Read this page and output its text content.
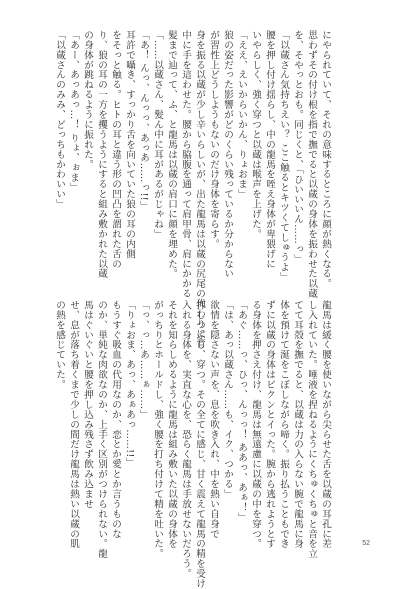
にやられていて、それの意味するところに顔が熱くなる。
思わずその付け根を指で撫でると以蔵の身体を振わせた以蔵
を、そやっとおも。同じくと、「ひいいいん……っ」
「以蔵さん気持ちえい？ ここ触るとキツくてしゅうよ」
腰を押し付け揺らし、中の龍馬を咥え身体が卑猥げに
いやらしく、強く穿つと以蔵は喉声を上げた。
「ええ、えいからいかん、りょおま」
狼の姿だった影響がどのくらい残っているか分からない
が習性上どうしようもないのだけ身体を寄らす。
身を振る以蔵が少し辛いらしいが、出た龍馬は以蔵の尻尾の代わりに背
中に手を這わせた。腰から脇腹を通って肩甲骨、肩にかかる
髪まで辿って、ふ、と龍馬は以蔵の肩口に顔を埋めた。
「……以蔵さん、髪ん中に耳があるがじゃね」
「あ！ んっ、んっっ、あっあ……っ!!」
耳許で囁き、すっかり舌を向いていた狼の耳の内側
をそっと触る。ヒトの耳と違う形の凹凸を謂れた舌の
り、狼の耳の一方を攫うようにすると組み敷かれた以蔵
の身体が跳ねるように振れた。
「あー、あっあっ…！ りょ、ぉま」
「以蔵さんのみみ、どっちもかわいい」
龍馬は緩く腰を使いながら尖らせた舌を以蔵の耳孔に差
し入れていた。唾液を捏ねるようにくちゅくちゅと音を立
てて耳殻を撫でると、以蔵は力の入らない腕で龍馬に身
体を預けて涎をこぼしながら啼く。振り払うこともでき
ずに以蔵の身体はビクンとイった。腕から逃れようとす
る身体を押さえ付け、龍馬は無遠慮に以蔵の中を穿つ。
「あぐ……っ、ひっ、んっっ！ ああっ、あぁ！」
「は、あっ以蔵さん……も、イク、つかる」
欲情を隠さない声を、息を吹き入れ、中を熱い自身で
押しつぶし、穿つ。その全てに感じ、甘く震えて龍馬の精を受け
入れる身体を、実直な心を、恐らく龍馬は手放せないだろう。
それを知らしめるように龍馬は組み敷いた以蔵の身体を
がっちりとホールドし、強く腰を打ち付けて精を吐いた。
「っ、っ…あ……ぁ……」
「りょおま、あっ、あぁあっ……!!」
もうすぐ吸血の代用なのか、恋とか愛とか言うものな
のか、単純な肉欲なのか、上手く区別がつけられない。龍
馬はぐいぐいと腰を押し込み残さず飲み込ませ
せ、息が落ち着くまで少しの間だけ龍馬は熱い以蔵の肌
の熱を感じていた。
52
